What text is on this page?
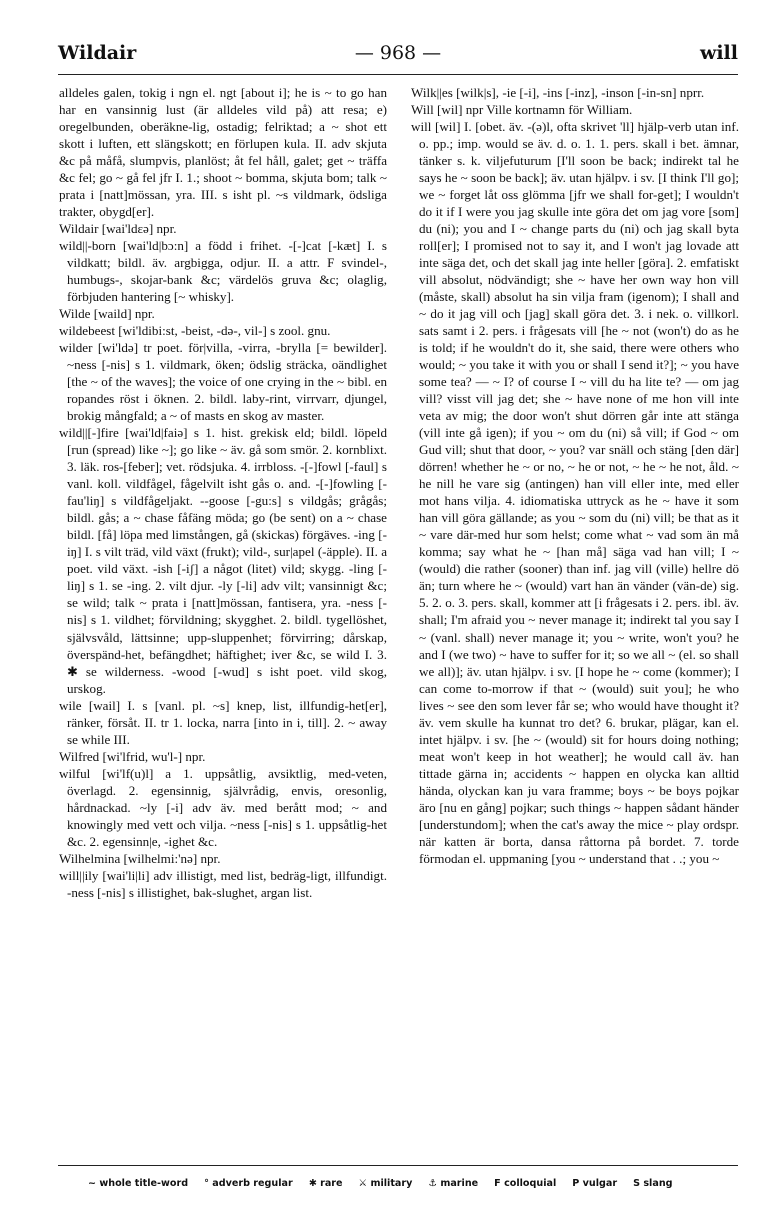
Wildair	— 968 —	will

alldeles galen, tokig i ngn el. ngt [about i]; he is ~ to go han har en vansinnig lust (är alldeles vild på) att resa; e) oregelbunden, oberäkne-lig, ostadig; felriktad; a ~ shot ett skott i luften, ett slängskott; en förlupen kula. II. adv skjuta &c på måfå, slumpvis, planlöst; åt fel håll, galet; get ~ träffa &c fel; go ~ gå fel jfr I. 1.; shoot ~ bomma, skjuta bom; talk ~ prata i [natt]mössan, yra. III. s isht pl. ~s vildmark, ödsliga trakter, obygd[er].

Wildair [wai'ldɛə] npr.

wild||-born [wai'ld|bɔ:n] a född i frihet. -[-]cat [-kæt] I. s vildkatt; bildl. äv. argbigga, odjur. II. a attr. F svindel-, humbugs-, skojar-bank &c; värdelös gruva &c; olaglig, förbjuden hantering [~ whisky].

Wilde [waild] npr.

wildebeest [wi'ldibi:st, -beist, -də-, vil-] s zool. gnu.

wilder [wi'ldə] tr poet. för|villa, -virra, -brylla [= bewilder]. ~ness [-nis] s 1. vildmark, öken; ödslig sträcka, oändlighet [the ~ of the waves]; the voice of one crying in the ~ bibl. en ropandes röst i öknen. 2. bildl. laby-rint, virrvarr, djungel, brokig mångfald; a ~ of masts en skog av master.

wild||[-]fire [wai'ld|faiə] s 1. hist. grekisk eld; bildl. löpeld [run (spread) like ~]; go like ~ äv. gå som smör. 2. kornblixt. 3. läk. ros-[feber]; vet. rödsjuka. 4. irrbloss. -[-]fowl [-faul] s vanl. koll. vildfågel, fågelvilt isht gås o. and. -[-]fowling [-fau'liŋ] s vildfågeljakt. --goose [-gu:s] s vildgås; grågås; bildl. gås; a ~ chase fåfäng möda; go (be sent) on a ~ chase bildl. [få] löpa med limstången, gå (skickas) förgäves. -ing [-iŋ] I. s vilt träd, vild växt (frukt); vild-, sur|apel (-äpple). II. a poet. vild växt. -ish [-iʃ] a något (litet) vild; skygg. -ling [-liŋ] s 1. se -ing. 2. vilt djur. -ly [-li] adv vilt; vansinnigt &c; se wild; talk ~ prata i [natt]mössan, fantisera, yra. -ness [-nis] s 1. vildhet; förvildning; skygghet. 2. bildl. tygellöshet, självsvåld, lättsinne; upp-sluppenhet; förvirring; dårskap, överspänd-het, befängdhet; häftighet; iver &c, se wild I. 3. ✱ se wilderness. -wood [-wud] s isht poet. vild skog, urskog.

wile [wail] I. s [vanl. pl. ~s] knep, list, illfundig-het[er], ränker, försåt. II. tr 1. locka, narra [into in i, till]. 2. ~ away se while III.

Wilfred [wi'lfrid, wu'l-] npr.

wilful [wi'lf(u)l] a 1. uppsåtlig, avsiktlig, med-veten, överlagd. 2. egensinnig, självrådig, envis, oresonlig, hårdnackad. ~ly [-i] adv äv. med berått mod; ~ and knowingly med vett och vilja. ~ness [-nis] s 1. uppsåtlig-het &c. 2. egensinn|e, -ighet &c.

Wilhelmina [wilhelmi:'nə] npr.

will||ily [wai'li|li] adv illistigt, med list, bedräg-ligt, illfundigt. -ness [-nis] s illistighet, bak-slughet, argan list.

Wilk||es [wilk|s], -ie [-i], -ins [-inz], -inson [-in-sn] nprr.

Will [wil] npr Ville kortnamn för William.

will [wil] I. [obet. äv. -(ə)l, ofta skrivet 'll] hjälp-verb utan inf. o. pp.; imp. would se äv. d. o. 1. 1. pers. skall i bet. ämnar, tänker s. k. viljefuturum [I'll soon be back; indirekt tal he says he ~ soon be back]; äv. utan hjälpv. i sv. [I think I'll go]; we ~ forget låt oss glömma [jfr we shall for-get]; I wouldn't do it if I were you jag skulle inte göra det om jag vore [som] du (ni); you and I ~ change parts du (ni) och jag skall byta roll[er]; I promised not to say it, and I won't jag lovade att inte säga det, och det skall jag inte heller [göra]. 2. emfatiskt vill absolut, nödvändigt; she ~ have her own way hon vill (måste, skall) absolut ha sin vilja fram (igenom); I shall and ~ do it jag vill och [jag] skall göra det. 3. i nek. o. villkorl. sats samt i 2. pers. i frågesats vill [he ~ not (won't) do as he is told; if he wouldn't do it, she said, there were others who would; ~ you take it with you or shall I send it?]; ~ you have some tea? — ~ I? of course I ~ vill du ha lite te? — om jag vill? visst vill jag det; she ~ have none of me hon vill inte veta av mig; the door won't shut dörren går inte att stänga (vill inte gå igen); if you ~ om du (ni) så vill; if God ~ om Gud vill; shut that door, ~ you? var snäll och stäng [den där] dörren! whether he ~ or no, ~ he or not, ~ he ~ he not, åld. ~ he nill he vare sig (antingen) han vill eller inte, med eller mot hans vilja. 4. idiomatiska uttryck as he ~ have it som han vill göra gällande; as you ~ som du (ni) vill; be that as it ~ vare där-med hur som helst; come what ~ vad som än må komma; say what he ~ [han må] säga vad han vill; I ~ (would) die rather (sooner) than inf. jag vill (ville) hellre dö än; turn where he ~ (would) vart han än vänder (vän-de) sig. 5. 2. o. 3. pers. skall, kommer att [i frågesats i 2. pers. ibl. äv. shall; I'm afraid you ~ never manage it; indirekt tal you say I ~ (vanl. shall) never manage it; you ~ write, won't you? he and I (we two) ~ have to suffer for it; so we all ~ (el. so shall we all)]; äv. utan hjälpv. i sv. [I hope he ~ come (kommer); I can come to-morrow if that ~ (would) suit you]; he who lives ~ see den som lever får se; who would have thought it? äv. vem skulle ha kunnat tro det? 6. brukar, plägar, kan el. intet hjälpv. i sv. [he ~ (would) sit for hours doing nothing; meat won't keep in hot weather]; he would call äv. han tittade gärna in; accidents ~ happen en olycka kan alltid hända, olyckan kan ju vara framme; boys ~ be boys pojkar äro [nu en gång] pojkar; such things ~ happen sådant händer [understundom]; when the cat's away the mice ~ play ordspr. när katten är borta, dansa råttorna på bordet. 7. torde förmodan el. uppmaning [you ~ understand that . .; you ~

~ whole title-word ° adverb regular ✱ rare ⚔ military ⚓ marine F colloquial P vulgar S slang
